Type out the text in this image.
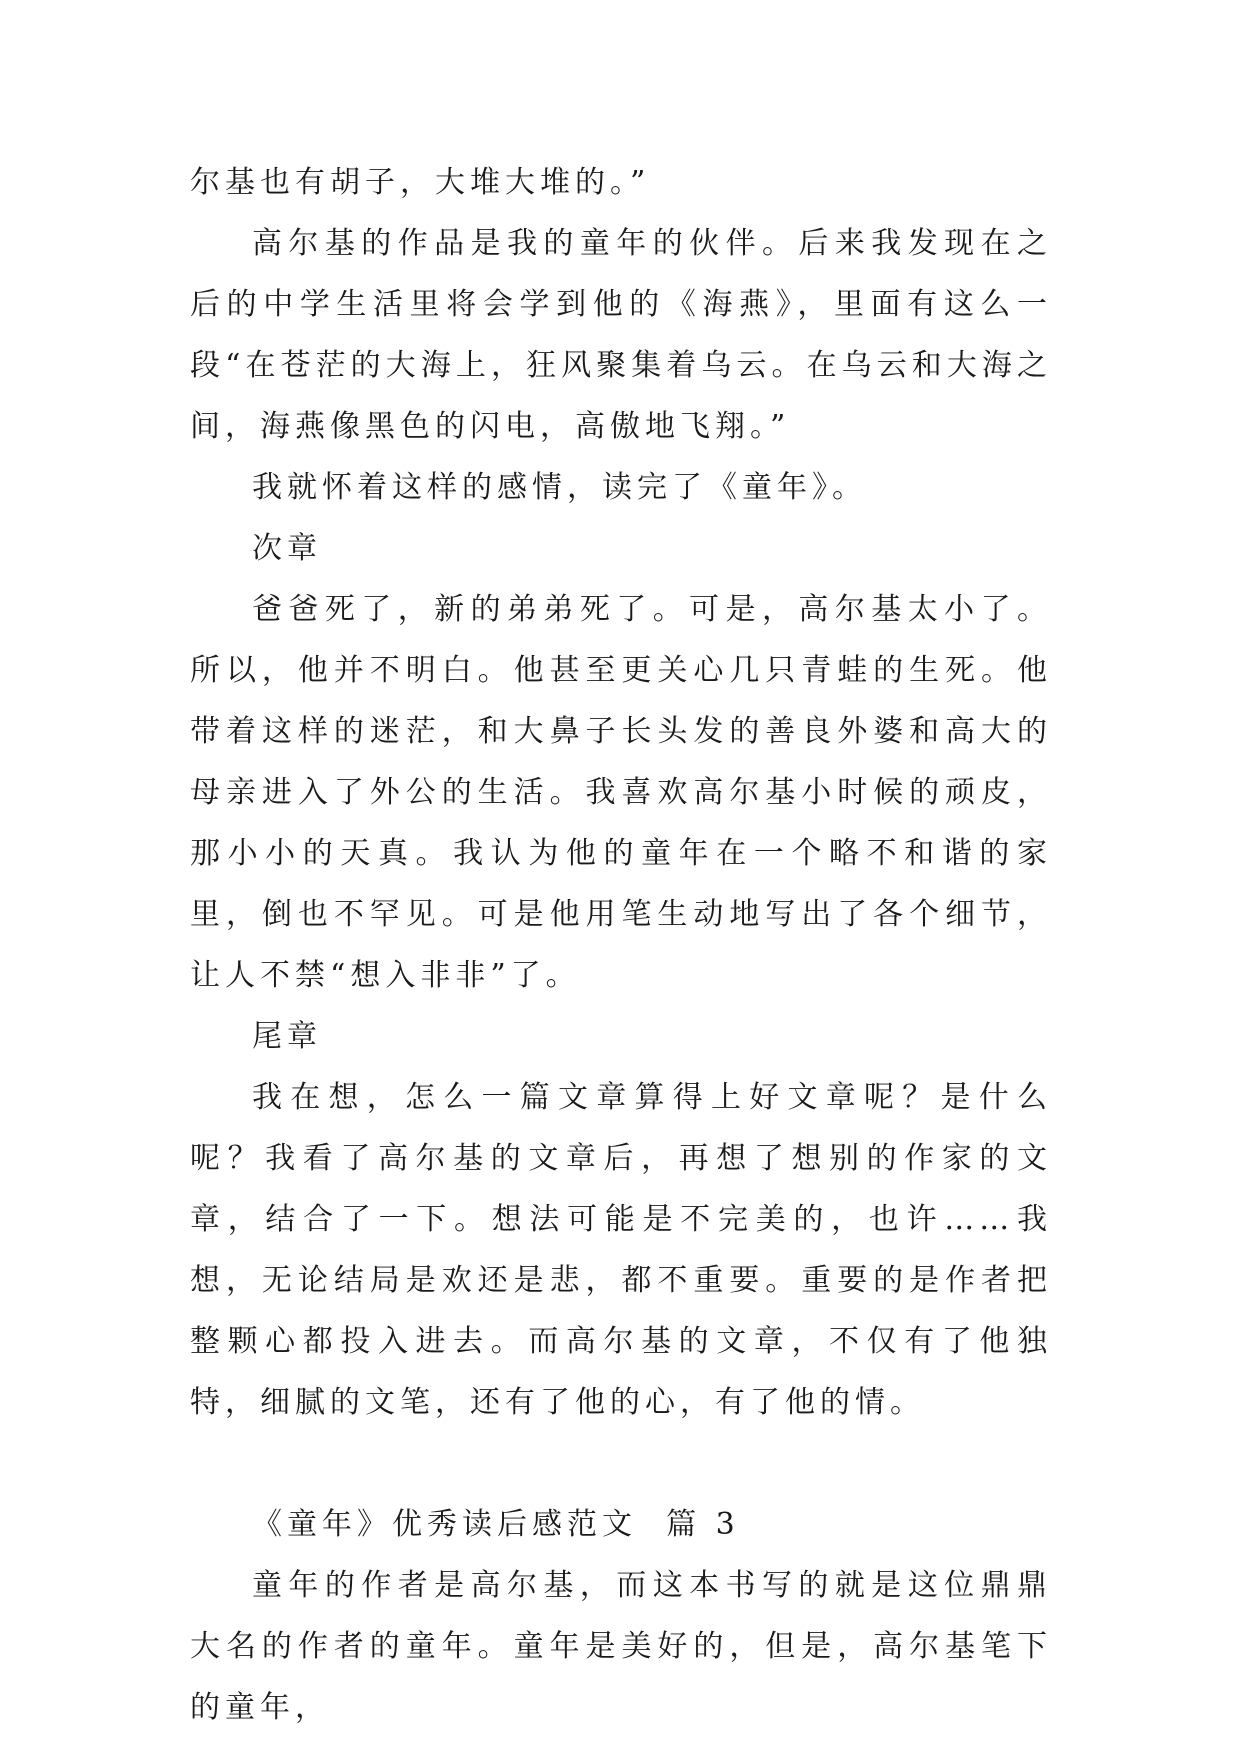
尔基也有胡子，大堆大堆的。”

高尔基的作品是我的童年的伙伴。后来我发现在之后的中学生活里将会学到他的《海燕》，里面有这么一段“在苍茫的大海上，狂风聚集着乌云。在乌云和大海之间，海燕像黑色的闪电，高傲地飞翔。”

我就怀着这样的感情，读完了《童年》。

次章

爸爸死了，新的弟弟死了。可是，高尔基太小了。所以，他并不明白。他甚至更关心几只青蛙的生死。他带着这样的迷茫，和大鼻子长头发的善良外婆和高大的母亲进入了外公的生活。我喜欢高尔基小时候的顽皮，那小小的天真。我认为他的童年在一个略不和谐的家里，倒也不罕见。可是他用笔生动地写出了各个细节，让人不禁“想入非非”了。

尾章

我在想，怎么一篇文章算得上好文章呢？是什么呢？我看了高尔基的文章后，再想了想别的作家的文章，结合了一下。想法可能是不完美的，也许……我想，无论结局是欢还是悲，都不重要。重要的是作者把整颗心都投入进去。而高尔基的文章，不仅有了他独特，细腻的文笔，还有了他的心，有了他的情。

《童年》优秀读后感范文  篇 3

童年的作者是高尔基，而这本书写的就是这位鼎鼎大名的作者的童年。童年是美好的，但是，高尔基笔下的童年，
